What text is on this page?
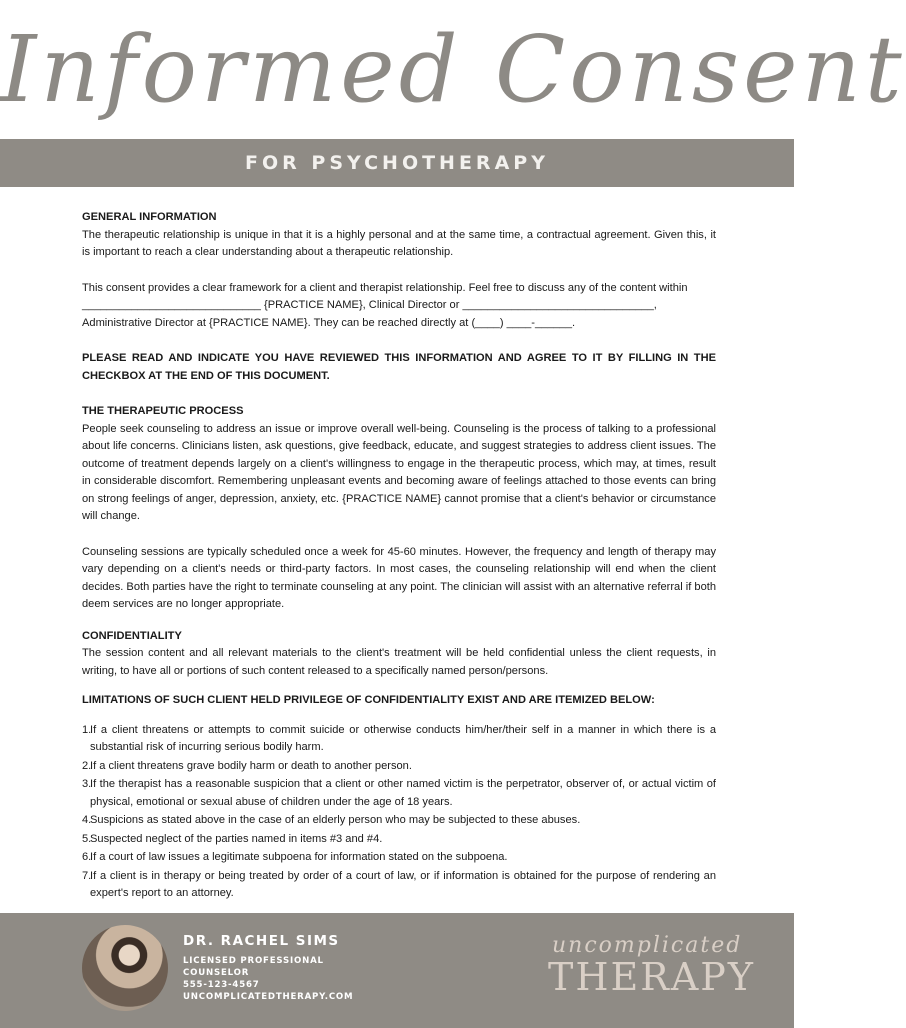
Informed Consent
FOR PSYCHOTHERAPY
GENERAL INFORMATION

The therapeutic relationship is unique in that it is a highly personal and at the same time, a contractual agreement. Given this, it is important to reach a clear understanding about a therapeutic relationship.

This consent provides a clear framework for a client and therapist relationship. Feel free to discuss any of the content within

_____________________________ {PRACTICE NAME}, Clinical Director or _______________________________,

Administrative Director at {PRACTICE NAME}. They can be reached directly at (____) ____-______.

PLEASE READ AND INDICATE YOU HAVE REVIEWED THIS INFORMATION AND AGREE TO IT BY FILLING IN THE CHECKBOX AT THE END OF THIS DOCUMENT.

THE THERAPEUTIC PROCESS

People seek counseling to address an issue or improve overall well-being. Counseling is the process of talking to a professional about life concerns. Clinicians listen, ask questions, give feedback, educate, and suggest strategies to address client issues. The outcome of treatment depends largely on a client's willingness to engage in the therapeutic process, which may, at times, result in considerable discomfort. Remembering unpleasant events and becoming aware of feelings attached to those events can bring on strong feelings of anger, depression, anxiety, etc. {PRACTICE NAME} cannot promise that a client's behavior or circumstance will change.

Counseling sessions are typically scheduled once a week for 45-60 minutes. However, the frequency and length of therapy may vary depending on a client's needs or third-party factors. In most cases, the counseling relationship will end when the client decides. Both parties have the right to terminate counseling at any point. The clinician will assist with an alternative referral if both deem services are no longer appropriate.

CONFIDENTIALITY

The session content and all relevant materials to the client's treatment will be held confidential unless the client requests, in writing, to have all or portions of such content released to a specifically named person/persons.

LIMITATIONS OF SUCH CLIENT HELD PRIVILEGE OF CONFIDENTIALITY EXIST AND ARE ITEMIZED BELOW:
1.
If a client threatens or attempts to commit suicide or otherwise conducts him/her/their self in a manner in which there is a substantial risk of incurring serious bodily harm.
2.
If a client threatens grave bodily harm or death to another person.
3.
If the therapist has a reasonable suspicion that a client or other named victim is the perpetrator, observer of, or actual victim of physical, emotional or sexual abuse of children under the age of 18 years.
4.
Suspicions as stated above in the case of an elderly person who may be subjected to these abuses.
5.
Suspected neglect of the parties named in items #3 and #4.
6.
If a court of law issues a legitimate subpoena for information stated on the subpoena.
7.
If a client is in therapy or being treated by order of a court of law, or if information is obtained for the purpose of rendering an expert's report to an attorney.
DR. RACHEL SIMS
LICENSED PROFESSIONAL
COUNSELOR
555-123-4567
UNCOMPLICATEDTHERAPY.COM
uncomplicated
THERAPY
